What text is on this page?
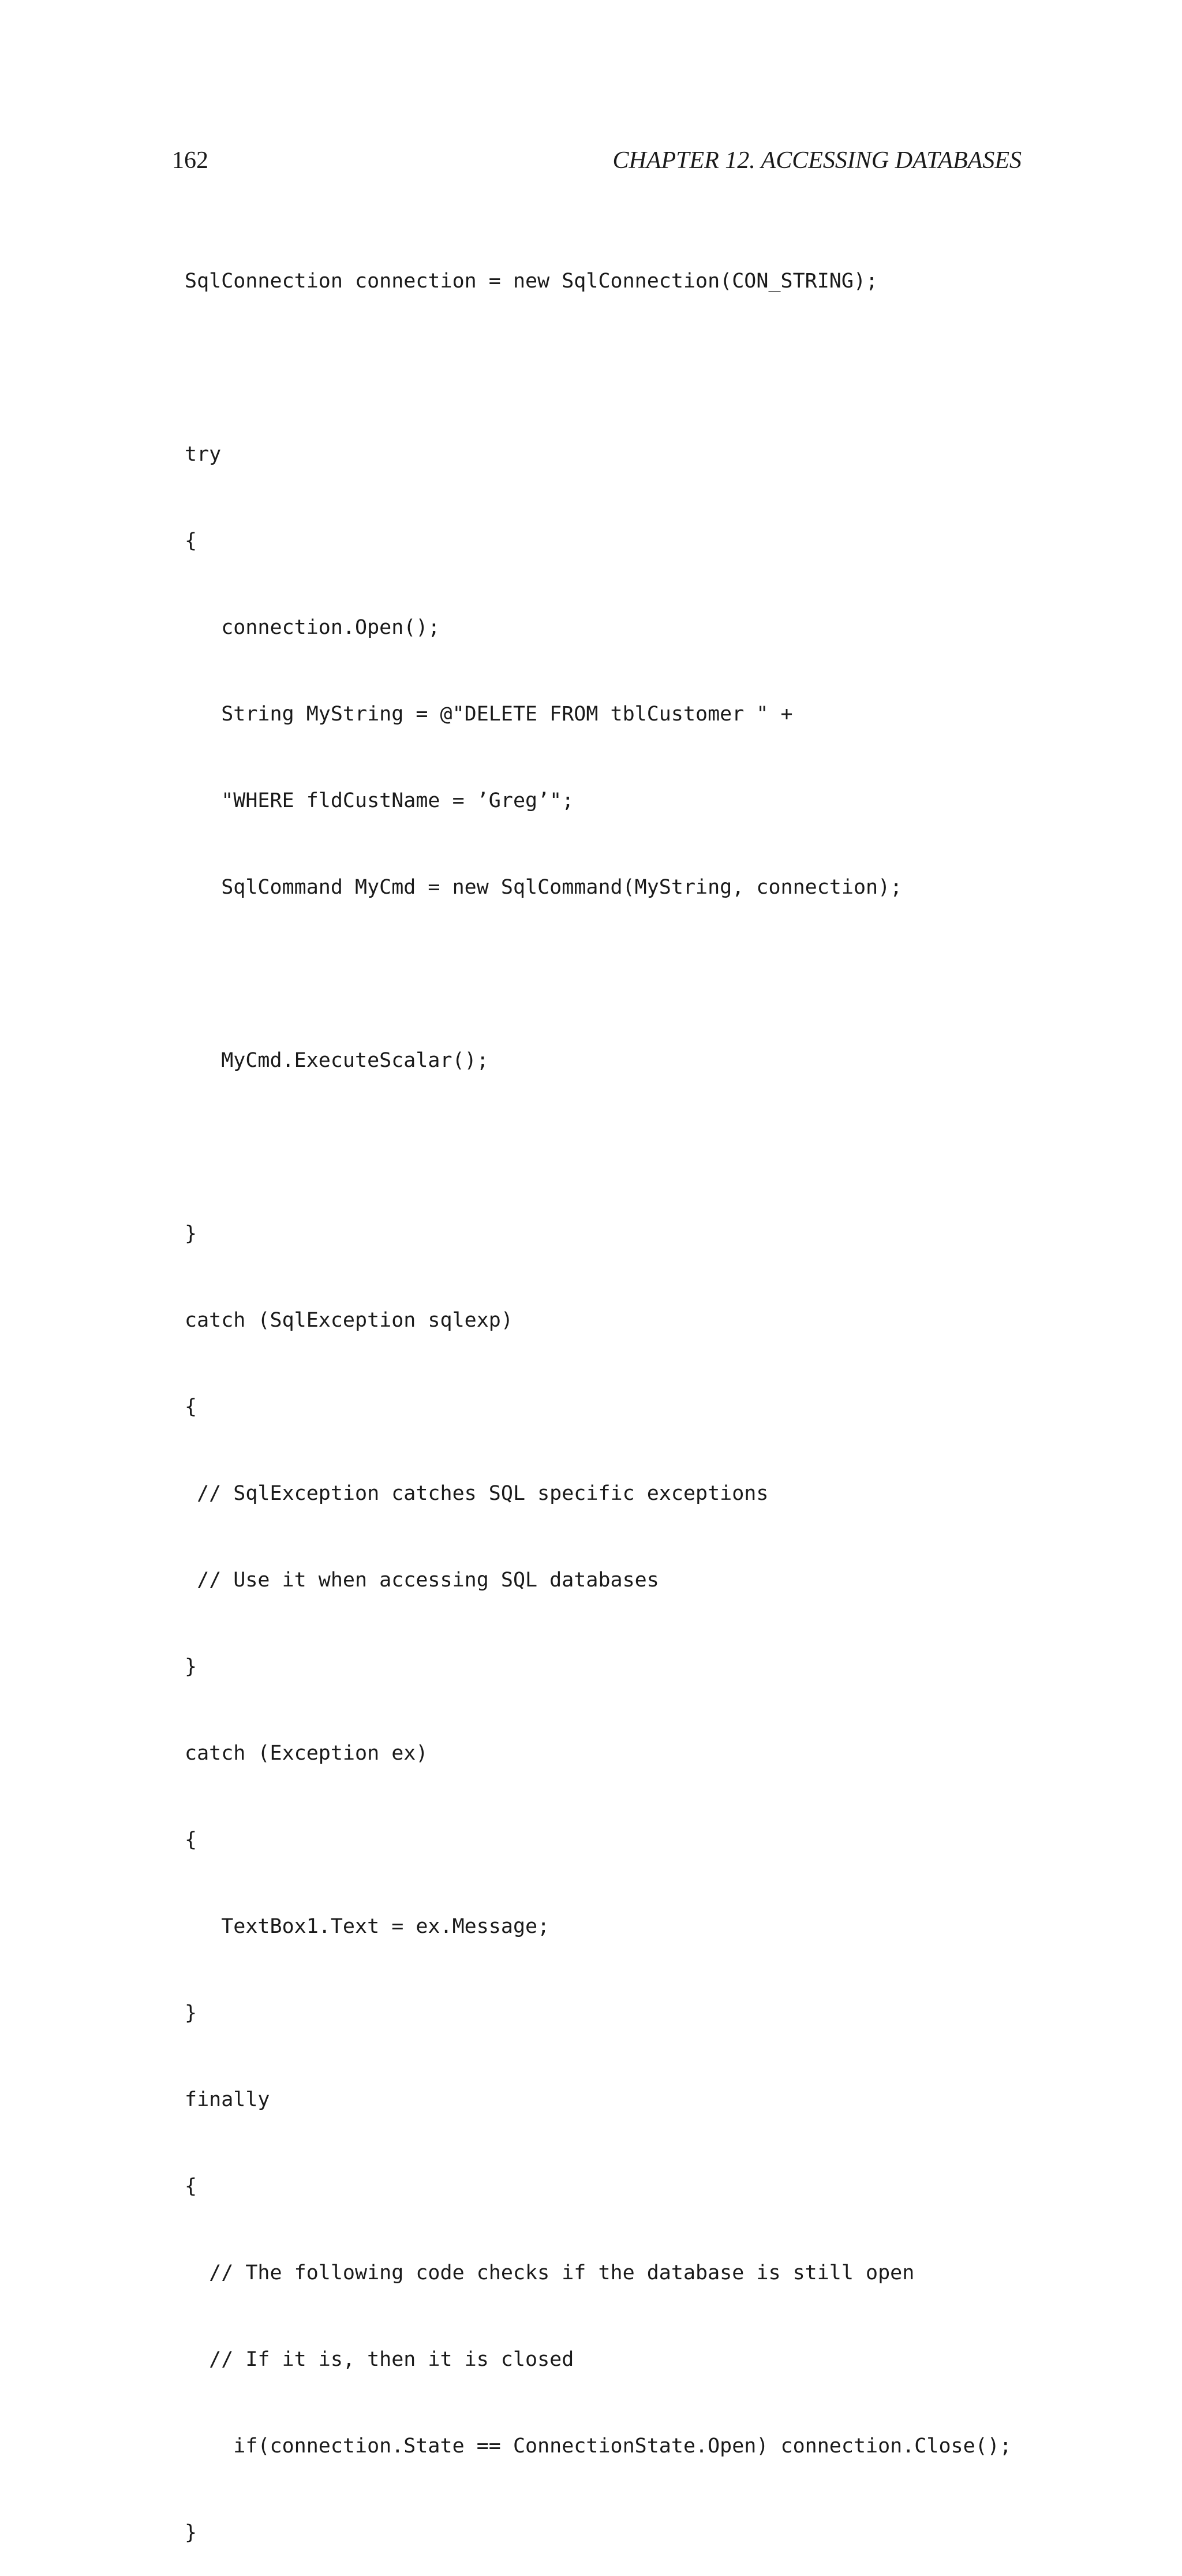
162	CHAPTER 12. ACCESSING DATABASES

SqlConnection connection = new SqlConnection(CON_STRING);

try

{

connection.Open();

String MyString = @"DELETE FROM tblCustomer " +

"WHERE fldCustName = ’Greg’";

SqlCommand MyCmd = new SqlCommand(MyString, connection);

MyCmd.ExecuteScalar();

}

catch (SqlException sqlexp)

{

// SqlException catches SQL specific exceptions

// Use it when accessing SQL databases

}

catch (Exception ex)

{

TextBox1.Text = ex.Message;

}

finally

{

// The following code checks if the database is still open

// If it is, then it is closed

if(connection.State == ConnectionState.Open) connection.Close();

}
